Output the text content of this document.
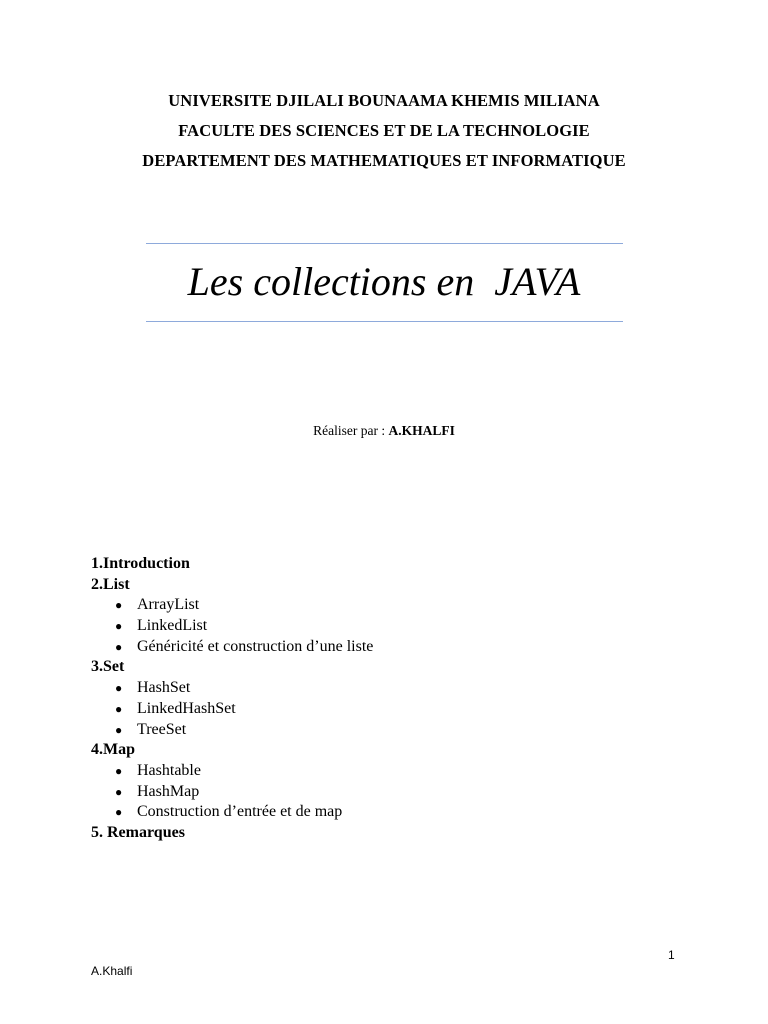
UNIVERSITE DJILALI BOUNAAMA KHEMIS MILIANA
FACULTE DES SCIENCES ET DE LA TECHNOLOGIE
DEPARTEMENT DES MATHEMATIQUES ET INFORMATIQUE
Les collections en  JAVA
Réaliser par : A.KHALFI
1.Introduction
2.List
● ArrayList
● LinkedList
● Généricité et construction d’une liste
3.Set
● HashSet
● LinkedHashSet
● TreeSet
4.Map
● Hashtable
● HashMap
● Construction d’entrée et de map
5. Remarques
1
A.Khalfi
